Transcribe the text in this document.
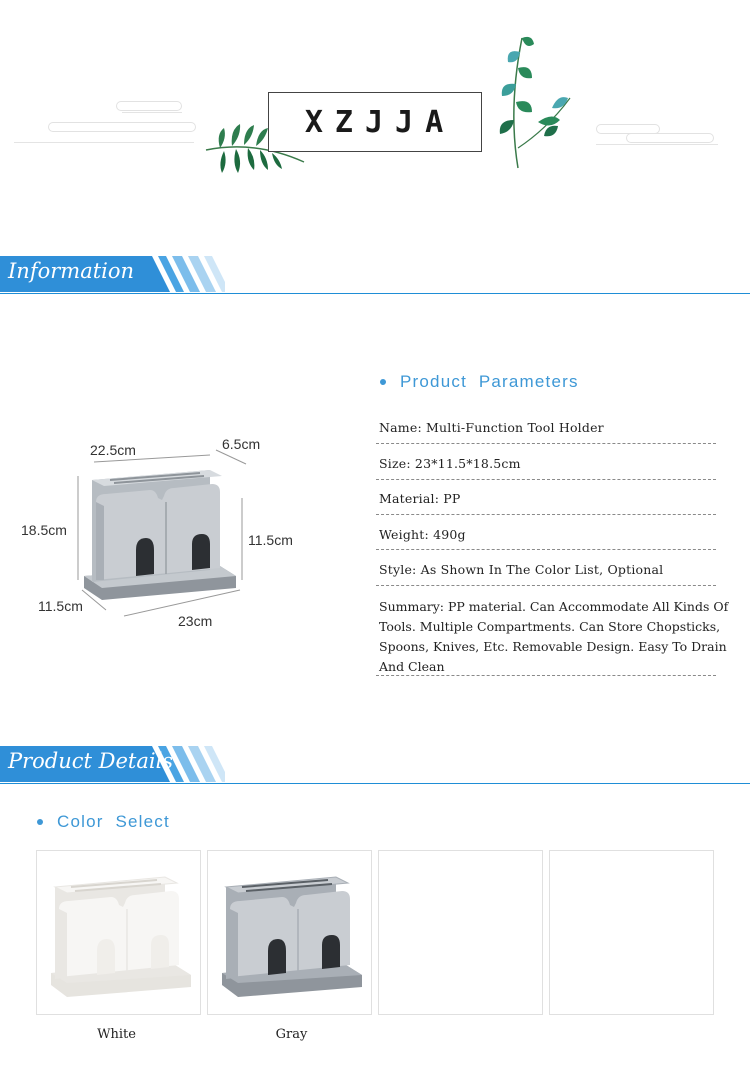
XZJJA
Information
22.5cm	6.5cm
18.5cm
11.5cm
11.5cm
23cm
Product  Parameters
Name: Multi-Function Tool Holder
Size: 23*11.5*18.5cm
Material: PP
Weight: 490g
Style: As Shown In The Color List, Optional
Summary: PP material. Can Accommodate All Kinds Of Tools. Multiple Compartments. Can Store Chopsticks, Spoons, Knives, Etc. Removable Design. Easy To Drain And Clean
Product Details
Color  Select
White	Gray
